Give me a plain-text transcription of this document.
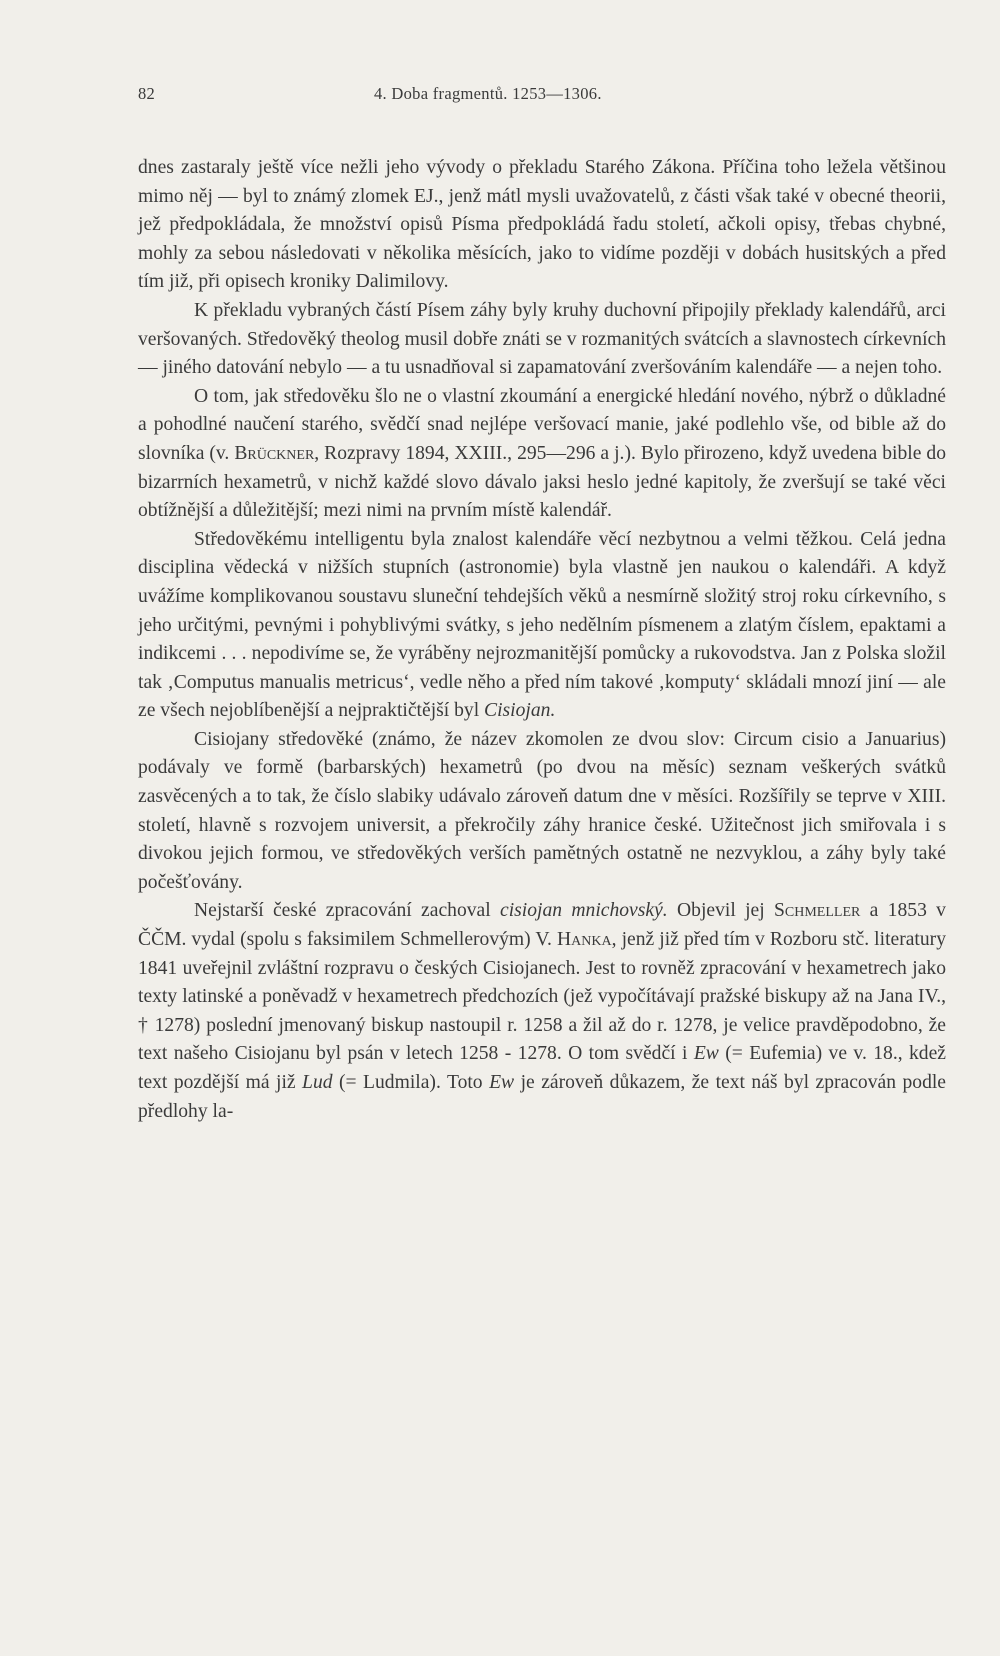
82	4. Doba fragmentů. 1253—1306.

dnes zastaraly ještě více nežli jeho vývody o překladu Starého Zákona. Příčina toho ležela většinou mimo něj — byl to známý zlomek EJ., jenž mátl mysli uvažovatelů, z části však také v obecné theorii, jež předpokládala, že množství opisů Písma předpokládá řadu století, ačkoli opisy, třebas chybné, mohly za sebou následovati v několika měsících, jako to vidíme později v dobách husitských a před tím již, při opisech kroniky Dalimilovy.

K překladu vybraných částí Písem záhy byly kruhy duchovní připojily překlady kalendářů, arci veršovaných. Středověký theolog musil dobře znáti se v rozmanitých svátcích a slavnostech církevních — jiného datování nebylo — a tu usnadňoval si zapamatování zveršováním kalendáře — a nejen toho.

O tom, jak středověku šlo ne o vlastní zkoumání a energické hledání nového, nýbrž o důkladné a pohodlné naučení starého, svědčí snad nejlépe veršovací manie, jaké podlehlo vše, od bible až do slovníka (v. Brückner, Rozpravy 1894, XXIII., 295—296 a j.). Bylo přirozeno, když uvedena bible do bizarrních hexametrů, v nichž každé slovo dávalo jaksi heslo jedné kapitoly, že zveršují se také věci obtížnější a důležitější; mezi nimi na prvním místě kalendář.

Středověkému intelligentu byla znalost kalendáře věcí nezbytnou a velmi těžkou. Celá jedna disciplina vědecká v nižších stupních (astronomie) byla vlastně jen naukou o kalendáři. A když uvážíme komplikovanou soustavu sluneční tehdejších věků a nesmírně složitý stroj roku církevního, s jeho určitými, pevnými i pohyblivými svátky, s jeho nedělním písmenem a zlatým číslem, epaktami a indikcemi . . . nepodivíme se, že vyráběny nejrozmanitější pomůcky a rukovodstva. Jan z Polska složil tak ‚Computus manualis metricus‘, vedle něho a před ním takové ‚komputy‘ skládali mnozí jiní — ale ze všech nejoblíbenější a nejpraktičtější byl Cisiojan.

Cisiojany středověké (známo, že název zkomolen ze dvou slov: Circum cisio a Januarius) podávaly ve formě (barbarských) hexametrů (po dvou na měsíc) seznam veškerých svátků zasvěcených a to tak, že číslo slabiky udávalo zároveň datum dne v měsíci. Rozšířily se teprve v XIII. století, hlavně s rozvojem universit, a překročily záhy hranice české. Užitečnost jich smiřovala i s divokou jejich formou, ve středověkých verších pamětných ostatně ne nezvyklou, a záhy byly také počešťovány.

Nejstarší české zpracování zachoval cisiojan mnichovský. Objevil jej Schmeller a 1853 v ČČM. vydal (spolu s faksimilem Schmellerovým) V. Hanka, jenž již před tím v Rozboru stč. literatury 1841 uveřejnil zvláštní rozpravu o českých Cisiojanech. Jest to rovněž zpracování v hexametrech jako texty latinské a poněvadž v hexametrech předchozích (jež vypočítávají pražské biskupy až na Jana IV., † 1278) poslední jmenovaný biskup nastoupil r. 1258 a žil až do r. 1278, je velice pravděpodobno, že text našeho Cisiojanu byl psán v letech 1258 - 1278. O tom svědčí i Ew (= Eufemia) ve v. 18., kdež text pozdější má již Lud (= Ludmila). Toto Ew je zároveň důkazem, že text náš byl zpracován podle předlohy la-
